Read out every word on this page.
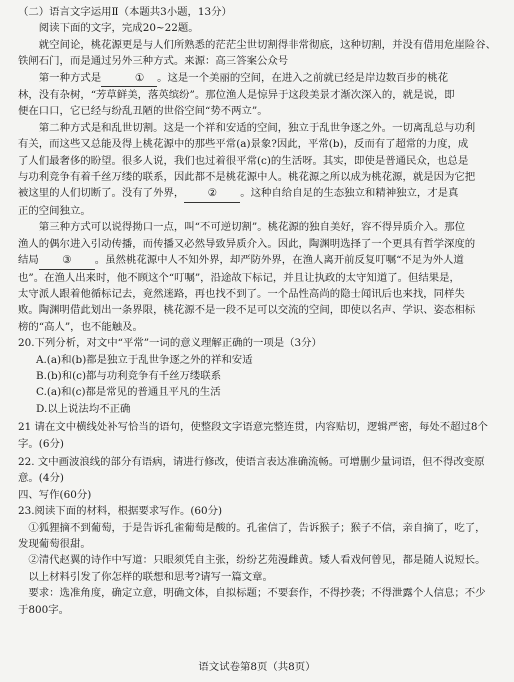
（二）语言文字运用Ⅱ（本题共3小题，13分）
阅读下面的文字，完成20~22题。
就空间论，桃花源更是与人们所熟悉的茫茫尘世切割得非常彻底，这种切割，并没有借用危崖险谷、
铁闸石门，而是通过另外三种方式。来源：高三答案公众号
第一种方式是	① 。这是一个美丽的空间，在进入之前就已经是岸边数百步的桃花
林，没有杂树，“芳草鲜美，落英缤纷”。那位渔人是惊异于这段美景才渐次深入的，就是说，即
便在口口，它已经与纷乱丑陋的世俗空间“势不两立”。
第二种方式是和乱世切割。这是一个祥和安适的空间，独立于乱世争逐之外。一切离乱总与功利
有关，而这些又总能及得上桃花源中的那些平常(a)景象?因此，平常(b)，反而有了超常的力度，成
了人们最奢侈的盼望。很多人说，我们也过着很平常(c)的生活呀。其实，即使是普通民众，也总是
与功利竞争有着千丝万缕的联系，因此都不是桃花源中人。桃花源之所以成为桃花源，就是因为它把
被这里的人们切断了。没有了外界， ② 。这种自给自足的生态独立和精神独立，才是真
正的空间独立。
第三种方式可以说得拗口一点，叫“不可逆切割”。桃花源的独自美好，容不得异质介入。那位
渔人的偶尔进入引动传播，而传播又必然导致异质介入。因此，陶渊明选择了一个更具有哲学深度的
结局 ③ 。虽然桃花源中人不知外界，却严防外界，在渔人离开前反复叮嘱“不足为外人道
也”。在渔人出来时，他不顾这个“叮嘱”，沿途故下标记，并且让执政的太守知道了。但结果是，
太守派人跟着他循标记去，竟然迷路，再也找不到了。一个品性高尚的隐士闻讯后也来找，同样失
败。陶渊明借此划出一条界限，桃花源不是一段不足可以交流的空间，即使以名声、学识、姿态相标
榜的“高人”，也不能触及。
20.下列分析，对文中“平常”一词的意义理解正确的一项是（3分）
A.(a)和(b)都是独立于乱世争逐之外的祥和安适
B.(b)和(c)都与功利竞争有千丝万缕联系
C.(a)和(c)都是常见的普通且平凡的生活
D.以上说法均不正确
21 请在文中横线处补写恰当的语句，使整段文字语意完整连贯，内容贴切，逻辑严密，每处不超过8个
字。(6分)
22. 文中画波浪线的部分有语病，请进行修改，使语言表达准确流畅。可增删少量词语，但不得改变原
意。(4分)
四、写作(60分)
23.阅读下面的材料，根据要求写作。(60分)
①狐狸摘不到葡萄，于是告诉孔雀葡萄是酸的。孔雀信了，告诉猴子；猴子不信，亲自摘了，吃了，
发现葡萄很甜。
②清代赵翼的诗作中写道：只眼须凭自主张，纷纷艺苑漫雌黄。矮人看戏何曾见，都是随人说短长。
以上材料引发了你怎样的联想和思考?请写一篇文章。
要求：选准角度，确定立意，明确文体，自拟标题；不要套作，不得抄袭；不得泄露个人信息；不少
于800字。
语文试卷第8页（共8页）
